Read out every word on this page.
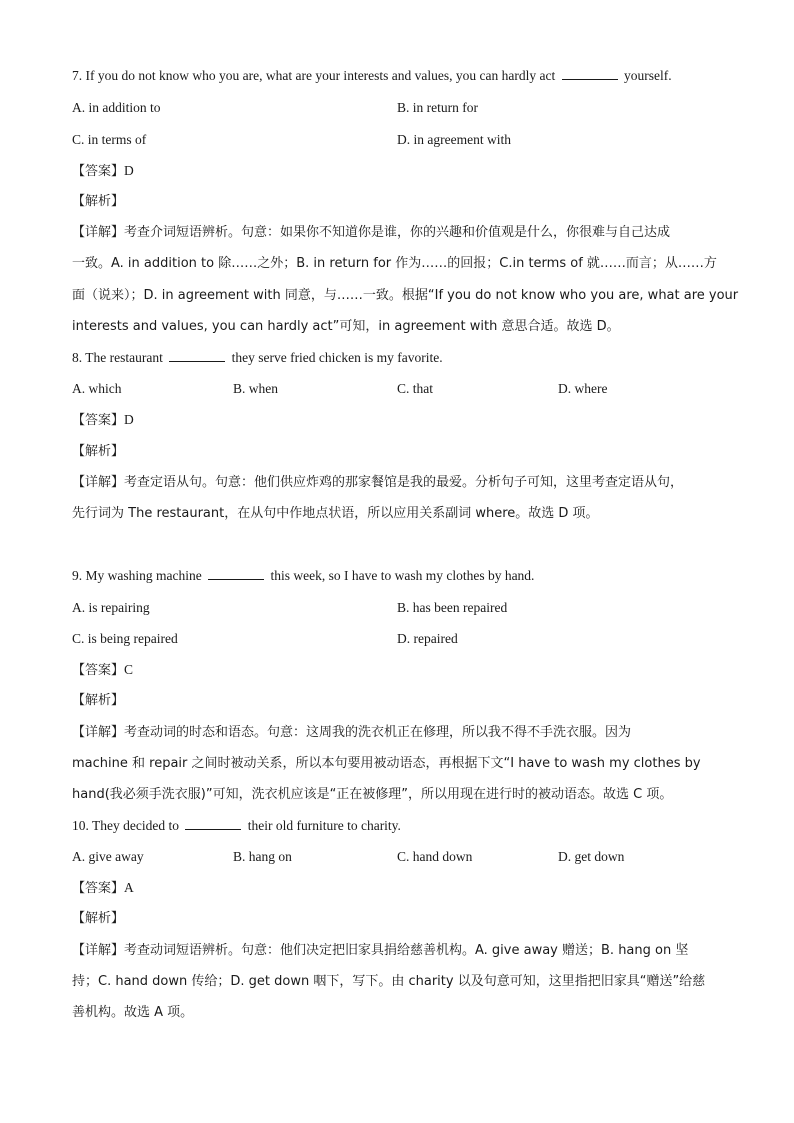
7. If you do not know who you are, what are your interests and values, you can hardly act	yourself.
A. in addition to	B. in return for
C. in terms of	D. in agreement with
【答案】D
【解析】
【详解】考查介词短语辨析。句意：如果你不知道你是谁，你的兴趣和价值观是什么，你很难与自己达成
一致。A. in addition to 除……之外；B. in return for 作为……的回报；C.in terms of 就……而言；从……方
面（说来）；D. in agreement with 同意，与……一致。根据“If you do not know who you are, what are your
interests and values, you can hardly act”可知，in agreement with 意思合适。故选 D。
8. The restaurant	they serve fried chicken is my favorite.
A. which	B. when	C. that	D. where
【答案】D
【解析】
【详解】考查定语从句。句意：他们供应炸鸡的那家餐馆是我的最爱。分析句子可知，这里考查定语从句，
先行词为 The restaurant，在从句中作地点状语，所以应用关系副词 where。故选 D 项。
9. My washing machine	this week, so I have to wash my clothes by hand.
A. is repairing	B. has been repaired
C. is being repaired	D. repaired
【答案】C
【解析】
【详解】考查动词的时态和语态。句意：这周我的洗衣机正在修理，所以我不得不手洗衣服。因为
machine 和 repair 之间时被动关系，所以本句要用被动语态，再根据下文“I have to wash my clothes by
hand(我必须手洗衣服)”可知，洗衣机应该是“正在被修理”，所以用现在进行时的被动语态。故选 C 项。
10. They decided to	their old furniture to charity.
A. give away	B. hang on	C. hand down	D. get down
【答案】A
【解析】
【详解】考查动词短语辨析。句意：他们决定把旧家具捐给慈善机构。A. give away 赠送；B. hang on 坚
持；C. hand down 传给；D. get down 咽下，写下。由 charity 以及句意可知，这里指把旧家具“赠送”给慈
善机构。故选 A 项。
